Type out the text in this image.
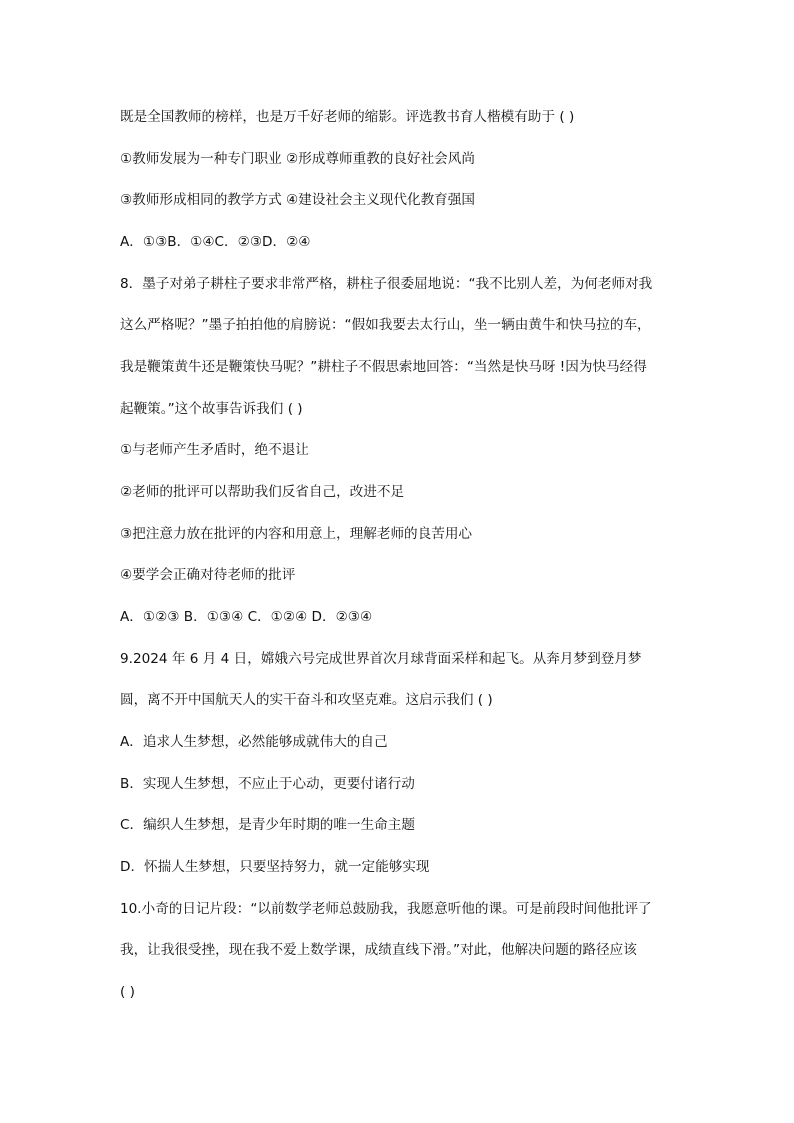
既是全国教师的榜样，也是万千好老师的缩影。评选教书育人楷模有助于 ( )
①教师发展为一种专门职业 ②形成尊师重教的良好社会风尚
③教师形成相同的教学方式 ④建设社会主义现代化教育强国
A．①③B．①④C．②③D．②④
8．墨子对弟子耕柱子要求非常严格，耕柱子很委屈地说：“我不比别人差，为何老师对我
这么严格呢？”墨子拍拍他的肩膀说：“假如我要去太行山，坐一辆由黄牛和快马拉的车，
我是鞭策黄牛还是鞭策快马呢？”耕柱子不假思索地回答：“当然是快马呀 !因为快马经得
起鞭策。”这个故事告诉我们 ( )
①与老师产生矛盾时，绝不退让
②老师的批评可以帮助我们反省自己，改进不足
③把注意力放在批评的内容和用意上，理解老师的良苦用心
④要学会正确对待老师的批评
A．①②③ B．①③④ C．①②④ D．②③④
9.2024 年 6 月 4 日，嫦娥六号完成世界首次月球背面采样和起飞。从奔月梦到登月梦
圆，离不开中国航天人的实干奋斗和攻坚克难。这启示我们 ( )
A．追求人生梦想，必然能够成就伟大的自己
B．实现人生梦想，不应止于心动，更要付诸行动
C．编织人生梦想，是青少年时期的唯一生命主题
D．怀揣人生梦想，只要坚持努力，就一定能够实现
10.小奇的日记片段：“以前数学老师总鼓励我，我愿意听他的课。可是前段时间他批评了
我，让我很受挫，现在我不爱上数学课，成绩直线下滑。”对此，他解决问题的路径应该
( )
